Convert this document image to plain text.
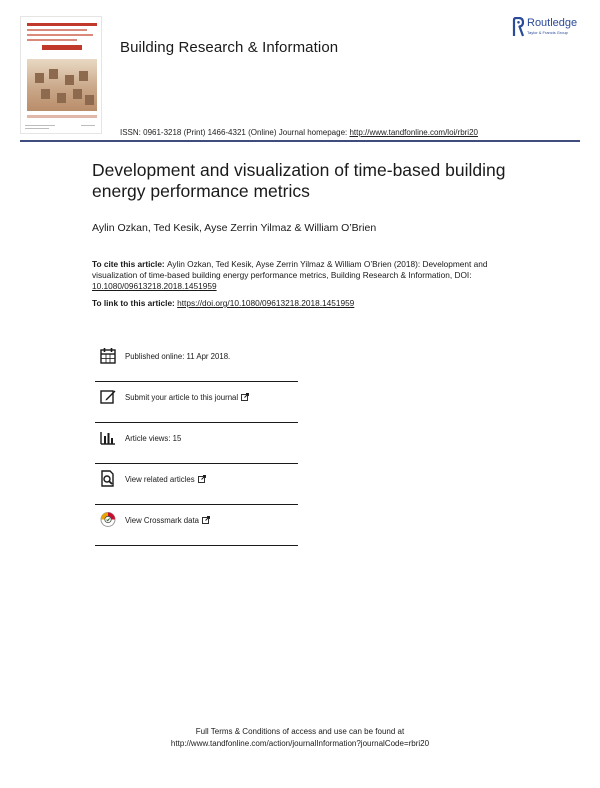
Building Research & Information
Routledge
Taylor & Francis Group
ISSN: 0961-3218 (Print) 1466-4321 (Online) Journal homepage: http://www.tandfonline.com/loi/rbri20
Development and visualization of time-based building energy performance metrics
Aylin Ozkan, Ted Kesik, Ayse Zerrin Yilmaz & William O’Brien
To cite this article: Aylin Ozkan, Ted Kesik, Ayse Zerrin Yilmaz & William O’Brien (2018): Development and visualization of time-based building energy performance metrics, Building Research & Information, DOI: 10.1080/09613218.2018.1451959
To link to this article: https://doi.org/10.1080/09613218.2018.1451959
Published online: 11 Apr 2018.
Submit your article to this journal
Article views: 15
View related articles
View Crossmark data
Full Terms & Conditions of access and use can be found at
http://www.tandfonline.com/action/journalInformation?journalCode=rbri20
